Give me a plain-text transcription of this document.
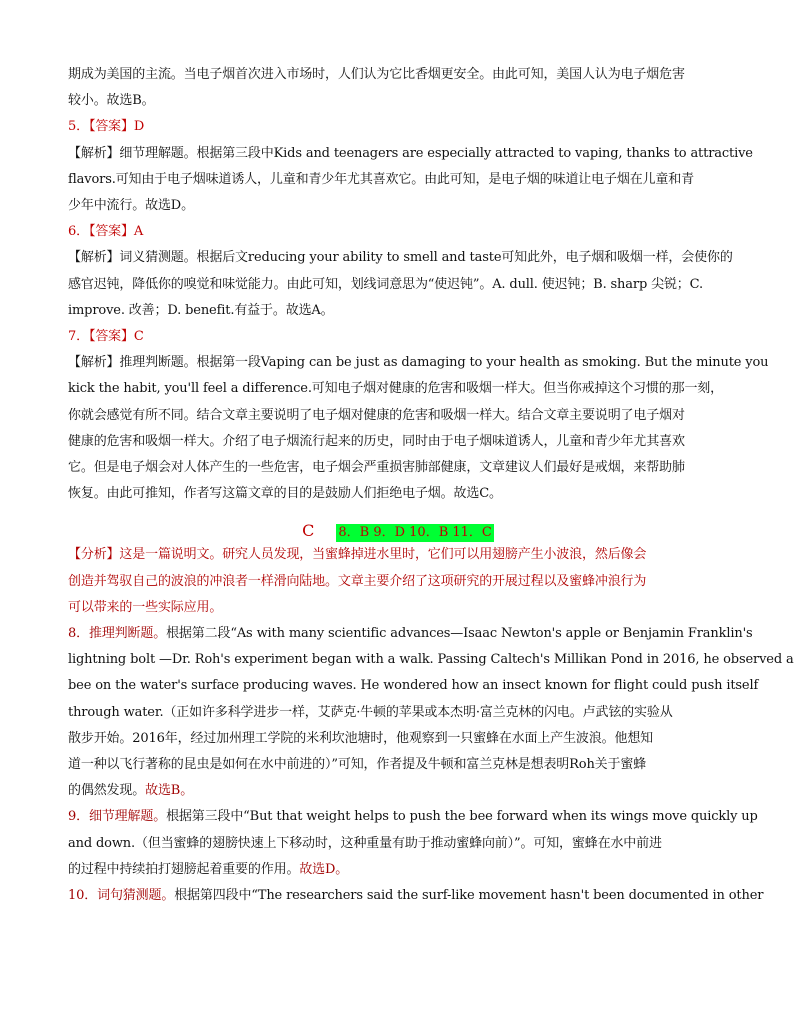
期成为美国的主流。当电子烟首次进入市场时，人们认为它比香烟更安全。由此可知，美国人认为电子烟危害

较小。故选B。

5．【答案】D

【解析】细节理解题。根据第三段中Kids and teenagers are especially attracted to vaping, thanks to attractive

flavors.可知由于电子烟味道诱人，儿童和青少年尤其喜欢它。由此可知，是电子烟的味道让电子烟在儿童和青

少年中流行。故选D。

6．【答案】A

【解析】词义猜测题。根据后文reducing your ability to smell and taste可知此外，电子烟和吸烟一样，会使你的

感官迟钝，降低你的嗅觉和味觉能力。由此可知，划线词意思为“使迟钝”。A. dull. 使迟钝；B. sharp 尖锐；C.

improve. 改善；D. benefit.有益于。故选A。

7．【答案】C

【解析】推理判断题。根据第一段Vaping can be just as damaging to your health as smoking. But the minute you

kick the habit, you'll feel a difference.可知电子烟对健康的危害和吸烟一样大。但当你戒掉这个习惯的那一刻，

你就会感觉有所不同。结合文章主要说明了电子烟对健康的危害和吸烟一样大。结合文章主要说明了电子烟对

健康的危害和吸烟一样大。介绍了电子烟流行起来的历史，同时由于电子烟味道诱人，儿童和青少年尤其喜欢

它。但是电子烟会对人体产生的一些危害，电子烟会严重损害肺部健康，文章建议人们最好是戒烟，来帮助肺

恢复。由此可推知，作者写这篇文章的目的是鼓励人们拒绝电子烟。故选C。

C 8．B 9．D 10．B 11．C

【分析】这是一篇说明文。研究人员发现，当蜜蜂掉进水里时，它们可以用翅膀产生小波浪，然后像会

创造并驾驭自己的波浪的冲浪者一样滑向陆地。文章主要介绍了这项研究的开展过程以及蜜蜂冲浪行为

可以带来的一些实际应用。

8．推理判断题。根据第二段“As with many scientific advances—Isaac Newton's apple or Benjamin Franklin's

lightning bolt —Dr. Roh's experiment began with a walk. Passing Caltech's Millikan Pond in 2016, he observed a

bee on the water's surface producing waves. He wondered how an insect known for flight could push itself

through water.（正如许多科学进步一样，艾萨克·牛顿的苹果或本杰明·富兰克林的闪电。卢武铉的实验从

散步开始。2016年，经过加州理工学院的米利坎池塘时，他观察到一只蜜蜂在水面上产生波浪。他想知

道一种以飞行著称的昆虫是如何在水中前进的）”可知，作者提及牛顿和富兰克林是想表明Roh关于蜜蜂

的偶然发现。故选B。

9．细节理解题。根据第三段中“But that weight helps to push the bee forward when its wings move quickly up

and down.（但当蜜蜂的翅膀快速上下移动时，这种重量有助于推动蜜蜂向前）”。可知，蜜蜂在水中前进

的过程中持续拍打翅膀起着重要的作用。故选D。

10．词句猜测题。根据第四段中“The researchers said the surf-like movement hasn't been documented in other
